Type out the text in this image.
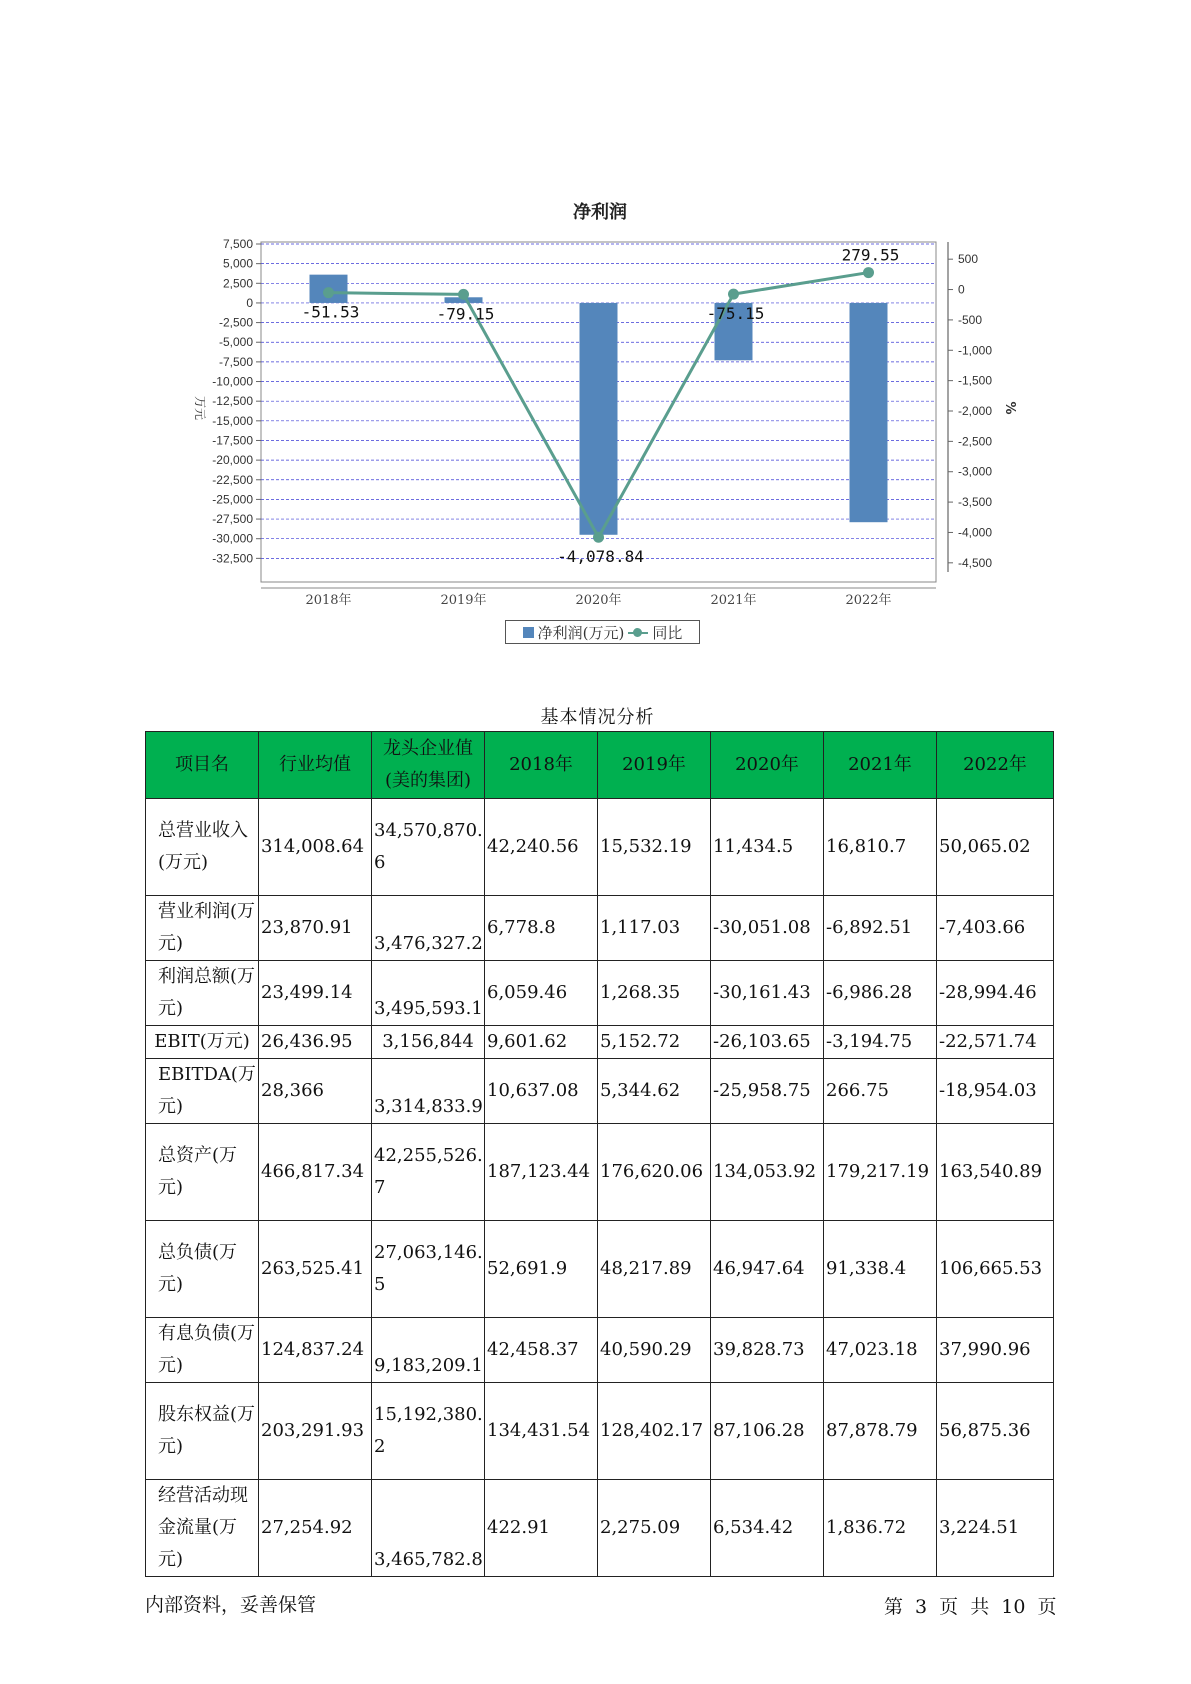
净利润
7,500
5,000
2,500
0
-2,500
-5,000
-7,500
-10,000
-12,500
-15,000
-17,500
-20,000
-22,500
-25,000
-27,500
-30,000
-32,500
500
0
-500
-1,000
-1,500
-2,000
-2,500
-3,000
-3,500
-4,000
-4,500
万元	%
2018年	2019年	2020年	2021年	2022年
-51.53	-79.15
-4,078.84
-75.15
279.55
净利润(万元) 同比
基本情况分析
项目名	行业均值	龙头企业值(美的集团)	2018年	2019年	2020年	2021年	2022年
总营业收入(万元)	314,008.64	34,570,870.6	42,240.56	15,532.19	11,434.5	16,810.7	50,065.02
营业利润(万元)	23,870.91	3,476,327.2	6,778.8	1,117.03	-30,051.08	-6,892.51	-7,403.66
利润总额(万元)	23,499.14	3,495,593.1	6,059.46	1,268.35	-30,161.43	-6,986.28	-28,994.46
EBIT(万元)	26,436.95	3,156,844	9,601.62	5,152.72	-26,103.65	-3,194.75	-22,571.74
EBITDA(万元)	28,366	3,314,833.9	10,637.08	5,344.62	-25,958.75	266.75	-18,954.03
总资产(万元)	466,817.34	42,255,526.7	187,123.44	176,620.06	134,053.92	179,217.19	163,540.89
总负债(万元)	263,525.41	27,063,146.5	52,691.9	48,217.89	46,947.64	91,338.4	106,665.53
有息负债(万元)	124,837.24	9,183,209.1	42,458.37	40,590.29	39,828.73	47,023.18	37,990.96
股东权益(万元)	203,291.93	15,192,380.2	134,431.54	128,402.17	87,106.28	87,878.79	56,875.36
经营活动现金流量(万元)	27,254.92	3,465,782.8	422.91	2,275.09	6,534.42	1,836.72	3,224.51
内部资料，妥善保管	第 3 页 共 10 页
